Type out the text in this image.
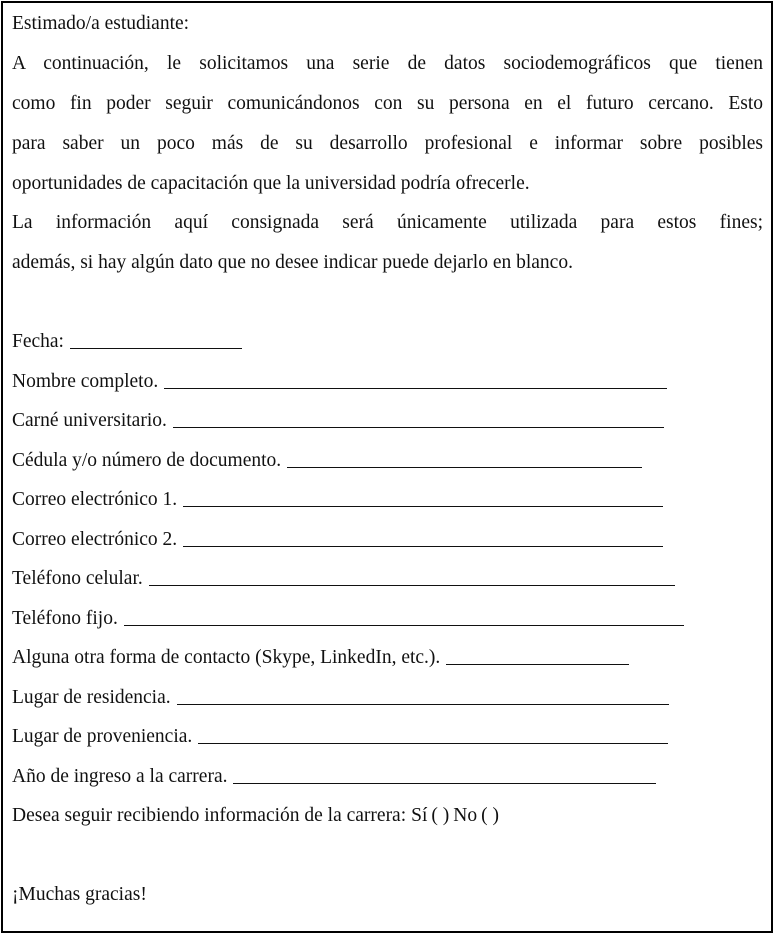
Estimado/a estudiante:
A continuación, le solicitamos una serie de datos sociodemográficos que tienen
como fin poder seguir comunicándonos con su persona en el futuro cercano. Esto
para saber un poco más de su desarrollo profesional e informar sobre posibles
oportunidades de capacitación que la universidad podría ofrecerle.
La información aquí consignada será únicamente utilizada para estos fines;
además, si hay algún dato que no desee indicar puede dejarlo en blanco.
Fecha:
Nombre completo.
Carné universitario.
Cédula y/o número de documento.
Correo electrónico 1.
Correo electrónico 2.
Teléfono celular.
Teléfono fijo.
Alguna otra forma de contacto (Skype, LinkedIn, etc.).
Lugar de residencia.
Lugar de proveniencia.
Año de ingreso a la carrera.
Desea seguir recibiendo información de la carrera: Sí ( ) No ( )
¡Muchas gracias!
